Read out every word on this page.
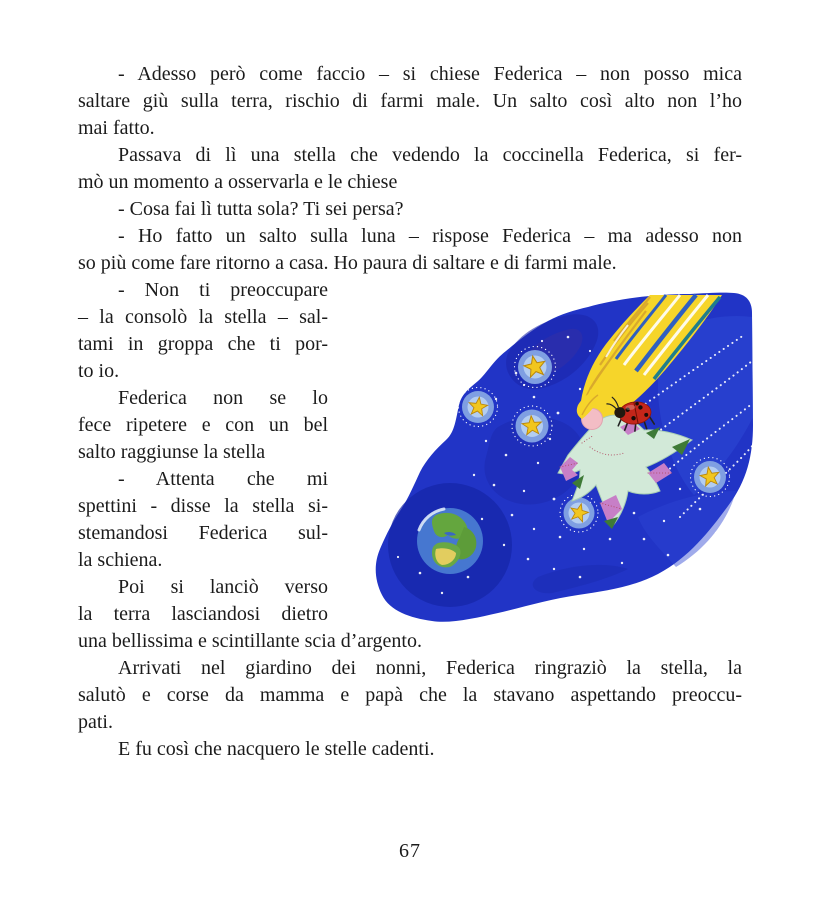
- Adesso però come faccio – si chiese Federica – non posso mica
saltare giù sulla terra, rischio di farmi male. Un salto così alto non l’ho
mai fatto.
Passava di lì una stella che vedendo la coccinella Federica, si fer-
mò un momento a osservarla e le chiese
- Cosa fai lì tutta sola? Ti sei persa?
- Ho fatto un salto sulla luna – rispose Federica – ma adesso non
so più come fare ritorno a casa. Ho paura di saltare e di farmi male.
- Non ti preoccupare
– la consolò la stella – sal-
tami in groppa che ti por-
to io.
Federica non se lo
fece ripetere e con un bel
salto raggiunse la stella
- Attenta che mi
spettini - disse la stella si-
stemandosi Federica sul-
la schiena.
Poi si lanciò verso
la terra lasciandosi dietro
una bellissima e scintillante scia d’argento.
Arrivati nel giardino dei nonni, Federica ringraziò la stella, la
salutò e corse da mamma e papà che la stavano aspettando preoccu-
pati.
E fu così che nacquero le stelle cadenti.
67
